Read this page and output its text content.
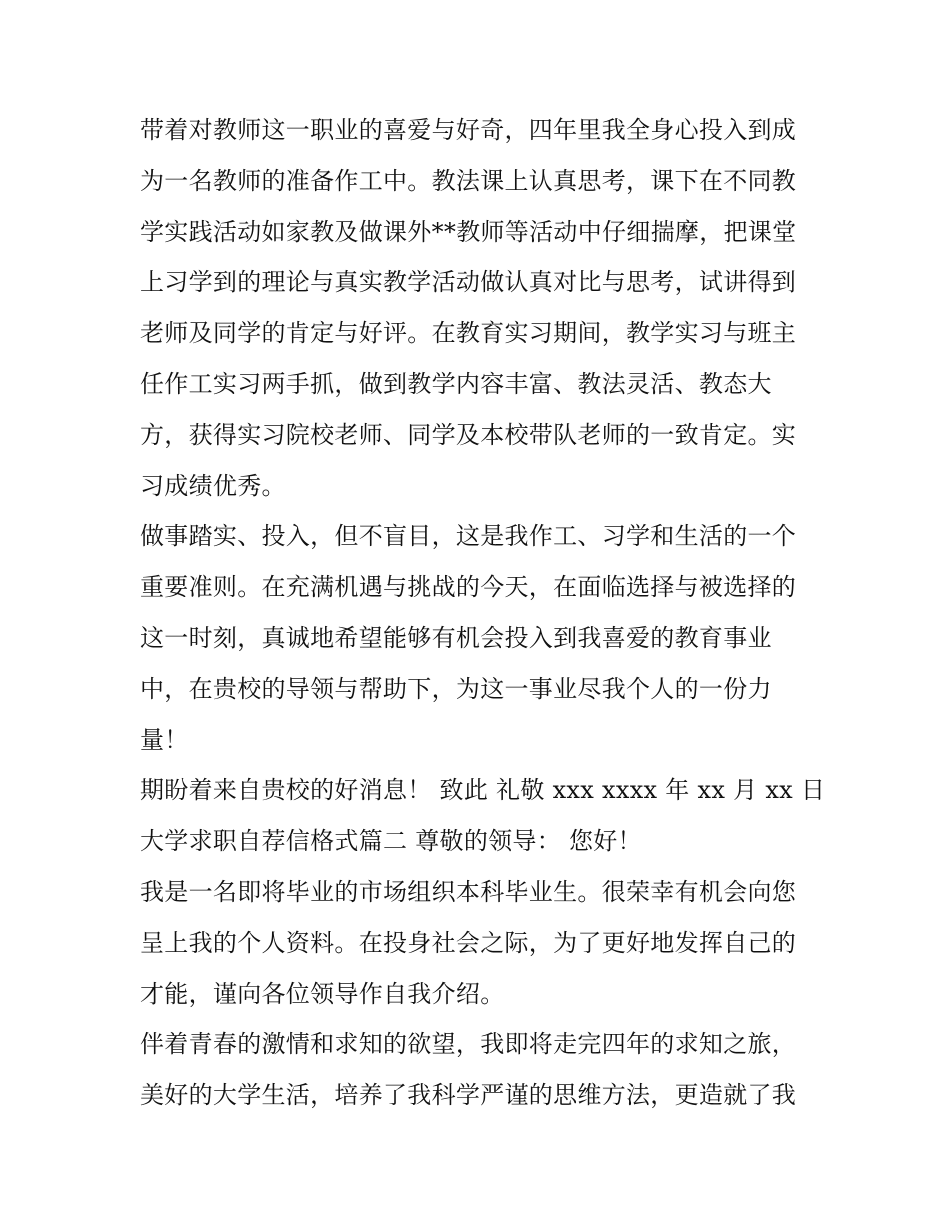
带着对教师这一职业的喜爱与好奇，四年里我全身心投入到成
为一名教师的准备作工中。教法课上认真思考，课下在不同教
学实践活动如家教及做课外**教师等活动中仔细揣摩，把课堂
上习学到的理论与真实教学活动做认真对比与思考，试讲得到
老师及同学的肯定与好评。在教育实习期间，教学实习与班主
任作工实习两手抓，做到教学内容丰富、教法灵活、教态大
方，获得实习院校老师、同学及本校带队老师的一致肯定。实
习成绩优秀。
做事踏实、投入，但不盲目，这是我作工、习学和生活的一个
重要准则。在充满机遇与挑战的今天，在面临选择与被选择的
这一时刻，真诚地希望能够有机会投入到我喜爱的教育事业
中，在贵校的导领与帮助下，为这一事业尽我个人的一份力
量！
期盼着来自贵校的好消息！ 致此 礼敬 xxx xxxx 年 xx 月 xx 日
大学求职自荐信格式篇二 尊敬的领导： 您好！
我是一名即将毕业的市场组织本科毕业生。很荣幸有机会向您
呈上我的个人资料。在投身社会之际，为了更好地发挥自己的
才能，谨向各位领导作自我介绍。
伴着青春的激情和求知的欲望，我即将走完四年的求知之旅，
美好的大学生活，培养了我科学严谨的思维方法，更造就了我
